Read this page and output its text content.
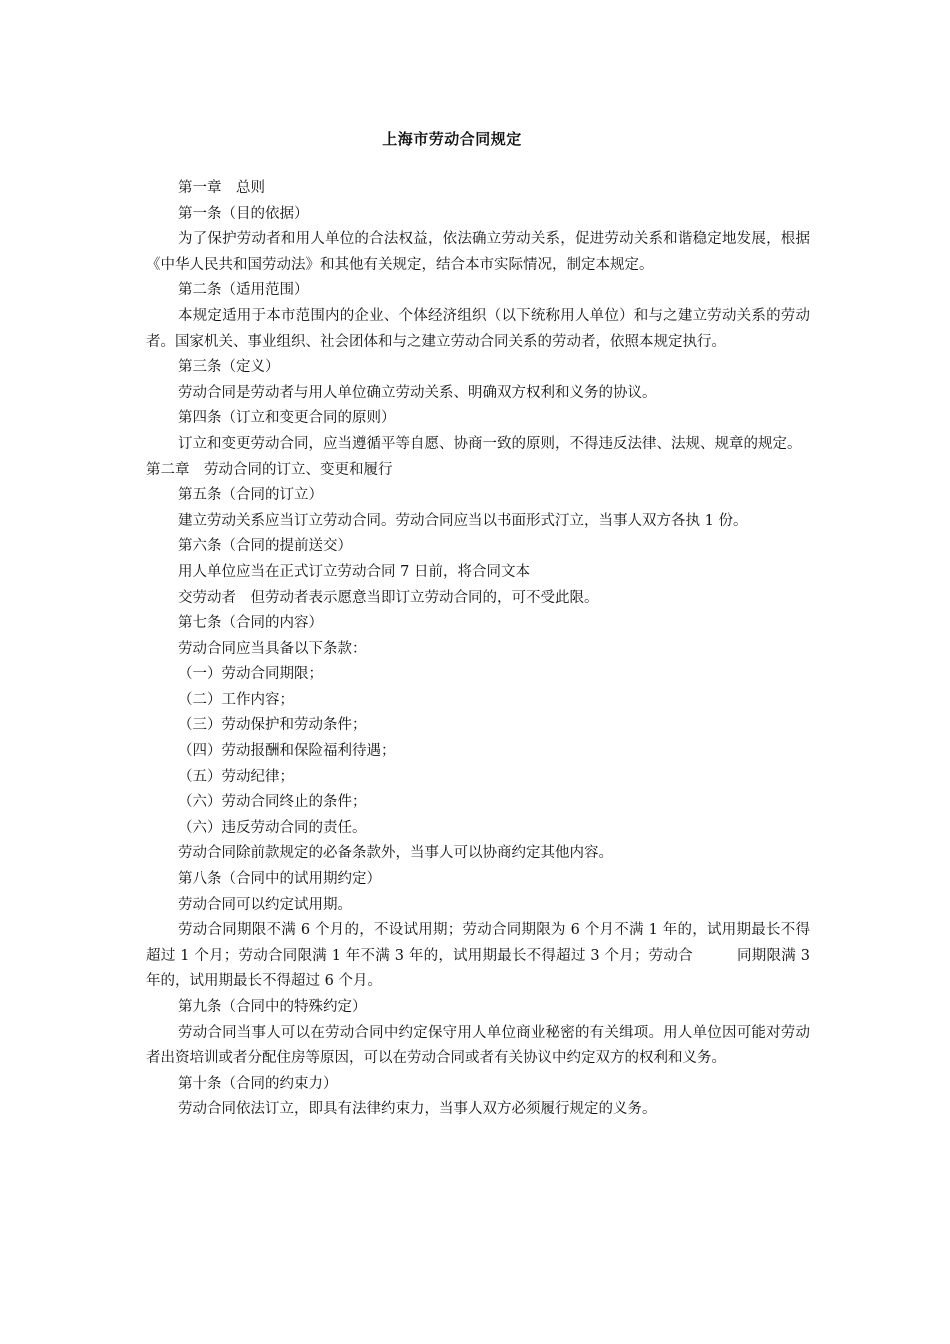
上海市劳动合同规定

第一章　总则

第一条（目的依据）

为了保护劳动者和用人单位的合法权益，依法确立劳动关系，促进劳动关系和谐稳定地发展，根据《中华人民共和国劳动法》和其他有关规定，结合本市实际情况，制定本规定。

第二条（适用范围）

本规定适用于本市范围内的企业、个体经济组织（以下统称用人单位）和与之建立劳动关系的劳动者。国家机关、事业组织、社会团体和与之建立劳动合同关系的劳动者，依照本规定执行。

第三条（定义）

劳动合同是劳动者与用人单位确立劳动关系、明确双方权利和义务的协议。

第四条（订立和变更合同的原则）

订立和变更劳动合同，应当遵循平等自愿、协商一致的原则，不得违反法律、法规、规章的规定。

第二章　劳动合同的订立、变更和履行

第五条（合同的订立）

建立劳动关系应当订立劳动合同。劳动合同应当以书面形式汀立，当事人双方各执 1 份。

第六条（合同的提前送交）

用人单位应当在正式订立劳动合同 7 日前，将合同文本

交劳动者　但劳动者表示愿意当即订立劳动合同的，可不受此限。

第七条（合同的内容）

劳动合同应当具备以下条款：

（一）劳动合同期限；

（二）工作内容；

（三）劳动保护和劳动条件；

（四）劳动报酬和保险福利待遇；

（五）劳动纪律；

（六）劳动合同终止的条件；

（六）违反劳动合同的责任。

劳动合同除前款规定的必备条款外，当事人可以协商约定其他内容。

第八条（合同中的试用期约定）

劳动合同可以约定试用期。

劳动合同期限不满 6 个月的，不设试用期；劳动合同期限为 6 个月不满 1 年的，试用期最长不得超过 1 个月；劳动合同限满 1 年不满 3 年的，试用期最长不得超过 3 个月；劳动合　　　同期限满 3 年的，试用期最长不得超过 6 个月。

第九条（合同中的特殊约定）

劳动合同当事人可以在劳动合同中约定保守用人单位商业秘密的有关缉项。用人单位因可能对劳动者出资培训或者分配住房等原因，可以在劳动合同或者有关协议中约定双方的权利和义务。

第十条（合同的约束力）

劳动合同依法订立，即具有法律约束力，当事人双方必须履行规定的义务。
